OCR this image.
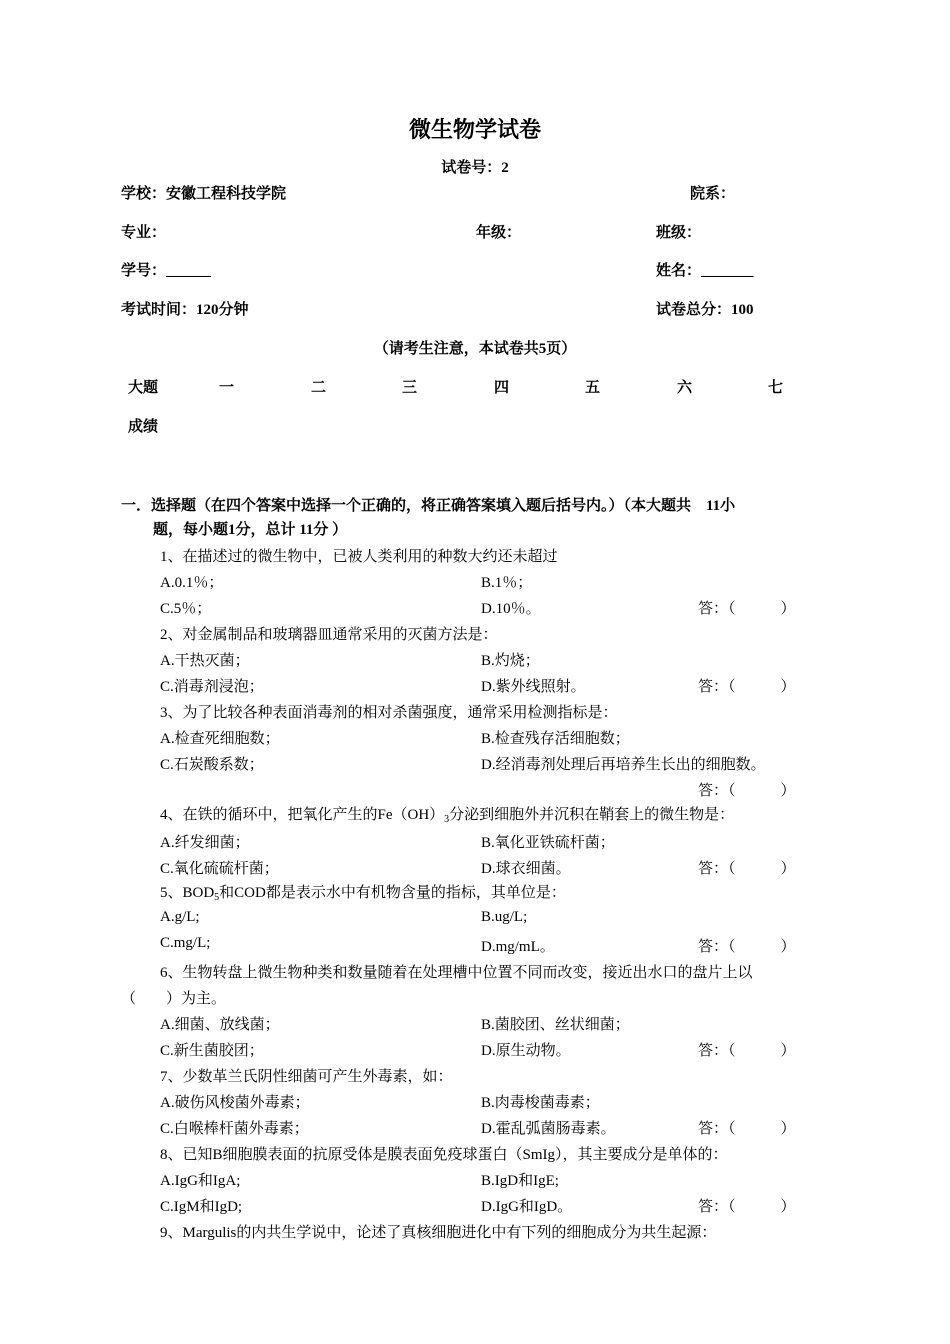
微生物学试卷
试卷号：2
学校：安徽工程科技学院	院系：
专业：	年级：	班级：
学号：______	姓名：_______
考试时间：120分钟	试卷总分：100
（请考生注意，本试卷共5页）
大题	一	二	三	四	五	六	七
成绩
一．选择题（在四个答案中选择一个正确的，将正确答案填入题后括号内。）（本大题共　11小
题，每小题1分，总计 11分 ）
1、在描述过的微生物中，已被人类利用的种数大约还未超过
A.0.1％；	B.1％；
C.5％；	D.10％。	答：（　　　）
2、对金属制品和玻璃器皿通常采用的灭菌方法是：
A.干热灭菌；	B.灼烧；
C.消毒剂浸泡；	D.紫外线照射。	答：（　　　）
3、为了比较各种表面消毒剂的相对杀菌强度，通常采用检测指标是：
A.检查死细胞数；	B.检查残存活细胞数；
C.石炭酸系数；	D.经消毒剂处理后再培养生长出的细胞数。
答：（　　　）
4、在铁的循环中，把氧化产生的$Fe(OH)_3$分泌到细胞外并沉积在鞘套上的微生物是：
A.纤发细菌；	B.氧化亚铁硫杆菌；
C.氧化硫硫杆菌；	D.球衣细菌。	答：（　　　）
5、$BOD_5$和COD都是表示水中有机物含量的指标，其单位是：
A.g/L;	B.ug/L;
C.mg/L;	D.mg/mL。	答：（　　　）
6、生物转盘上微生物种类和数量随着在处理槽中位置不同而改变，接近出水口的盘片上以
（　　）为主。
A.细菌、放线菌；	B.菌胶团、丝状细菌；
C.新生菌胶团；	D.原生动物。	答：（　　　）
7、少数革兰氏阴性细菌可产生外毒素，如：
A.破伤风梭菌外毒素；	B.肉毒梭菌毒素；
C.白喉棒杆菌外毒素；	D.霍乱弧菌肠毒素。	答：（　　　）
8、已知B细胞膜表面的抗原受体是膜表面免疫球蛋白（SmIg），其主要成分是单体的：
A.IgG和IgA;	B.IgD和IgE;
C.IgM和IgD;	D.IgG和IgD。	答：（　　　）
9、Margulis的内共生学说中，论述了真核细胞进化中有下列的细胞成分为共生起源：
